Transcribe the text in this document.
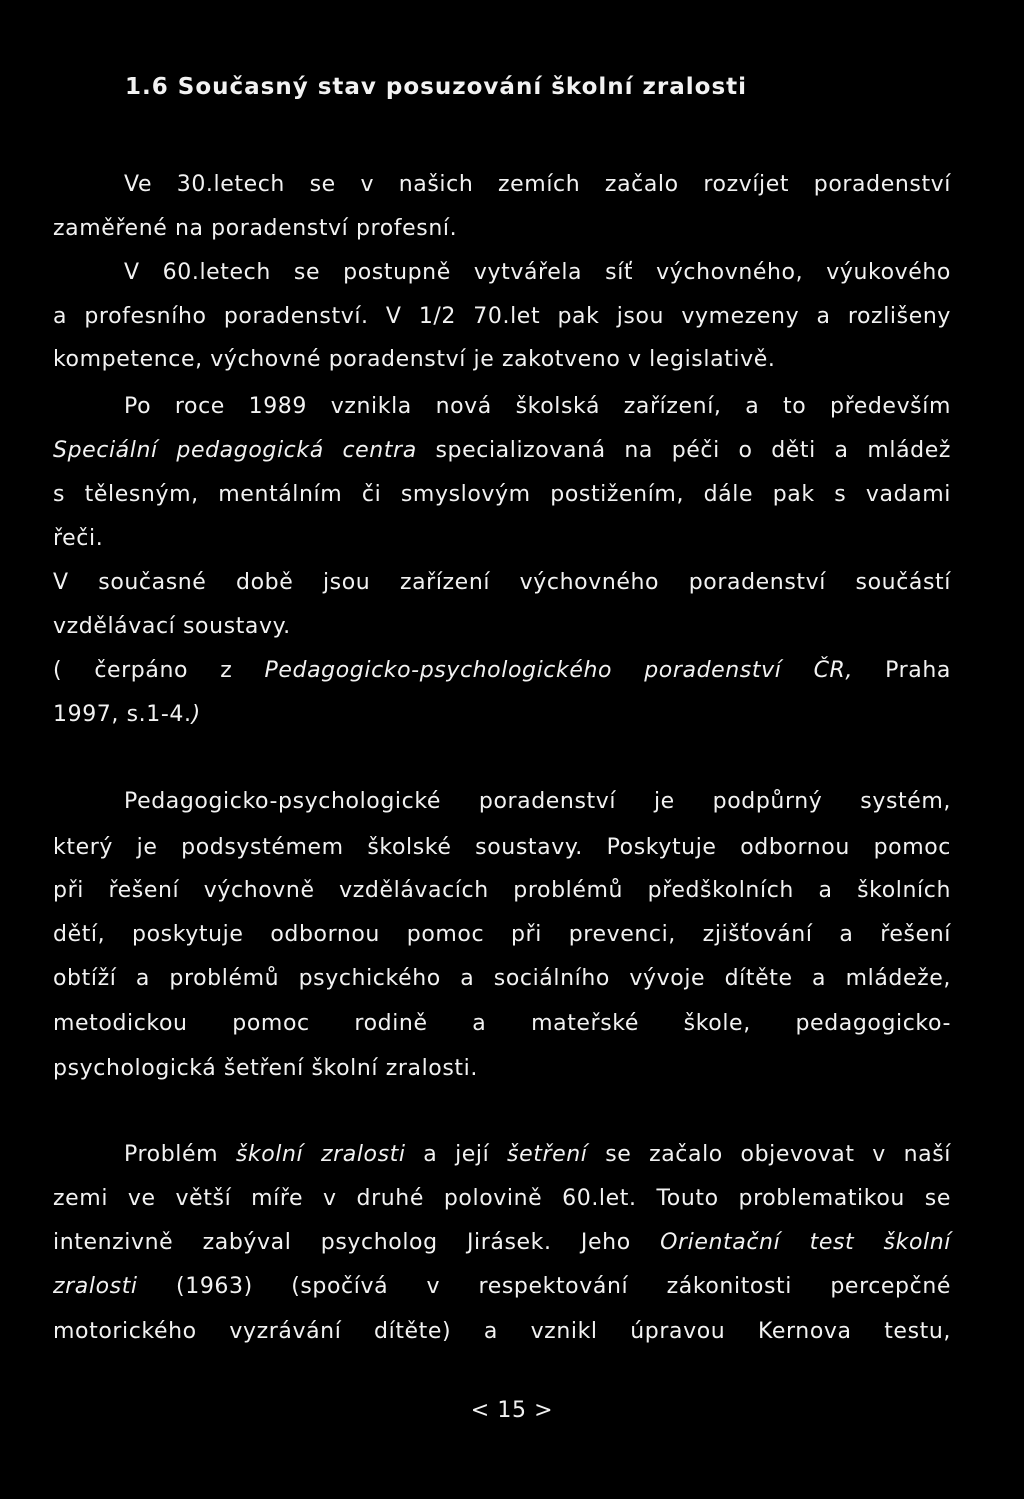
1.6 Současný stav posuzování školní zralosti
Ve 30.letech se v našich zemích začalo rozvíjet poradenství
zaměřené na poradenství profesní.
V 60.letech se postupně vytvářela síť výchovného, výukového
a profesního poradenství. V 1/2 70.let pak jsou vymezeny a rozlišeny
kompetence, výchovné poradenství je zakotveno v legislativě.
Po roce 1989 vznikla nová školská zařízení, a to především
Speciální pedagogická centra specializovaná na péči o děti a mládež
s tělesným, mentálním či smyslovým postižením, dále pak s vadami
řeči.
V současné době jsou zařízení výchovného poradenství součástí
vzdělávací soustavy.
( čerpáno z Pedagogicko-psychologického poradenství ČR, Praha
1997, s.1-4.)
Pedagogicko-psychologické poradenství je podpůrný systém,
který je podsystémem školské soustavy. Poskytuje odbornou pomoc
při řešení výchovně vzdělávacích problémů předškolních a školních
dětí, poskytuje odbornou pomoc při prevenci, zjišťování a řešení
obtíží a problémů psychického a sociálního vývoje dítěte a mládeže,
metodickou pomoc rodině a mateřské škole, pedagogicko-
psychologická šetření školní zralosti.
Problém školní zralosti a její šetření se začalo objevovat v naší
zemi ve větší míře v druhé polovině 60.let. Touto problematikou se
intenzivně zabýval psycholog Jirásek. Jeho Orientační test školní
zralosti (1963) (spočívá v respektování zákonitosti percepčné
motorického vyzrávání dítěte) a vznikl úpravou Kernova testu,
< 15 >
